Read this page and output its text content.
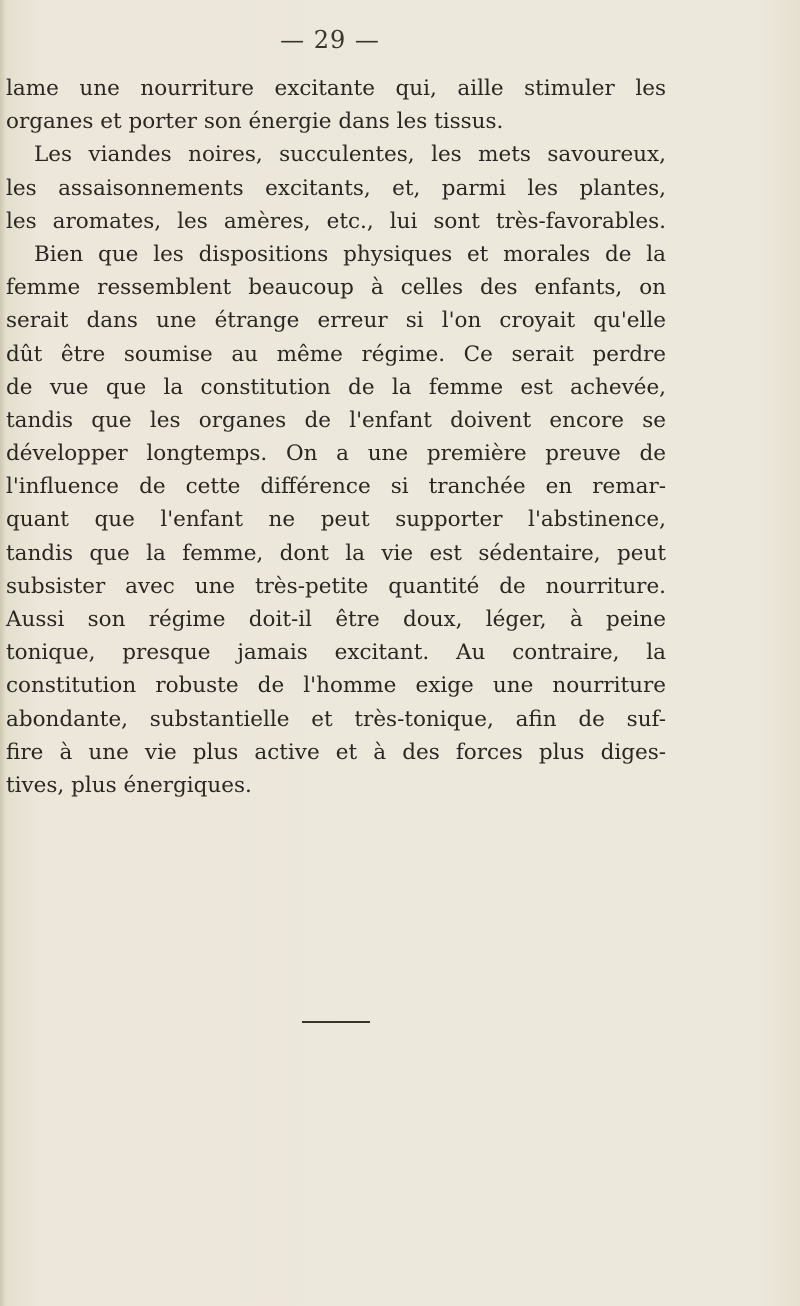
— 29 —
lame une nourriture excitante qui, aille stimuler les
organes et porter son énergie dans les tissus.
Les viandes noires, succulentes, les mets savoureux,
les assaisonnements excitants, et, parmi les plantes,
les aromates, les amères, etc., lui sont très-favorables.
Bien que les dispositions physiques et morales de la
femme ressemblent beaucoup à celles des enfants, on
serait dans une étrange erreur si l'on croyait qu'elle
dût être soumise au même régime. Ce serait perdre
de vue que la constitution de la femme est achevée,
tandis que les organes de l'enfant doivent encore se
développer longtemps. On a une première preuve de
l'influence de cette différence si tranchée en remar-
quant que l'enfant ne peut supporter l'abstinence,
tandis que la femme, dont la vie est sédentaire, peut
subsister avec une très-petite quantité de nourriture.
Aussi son régime doit-il être doux, léger, à peine
tonique, presque jamais excitant. Au contraire, la
constitution robuste de l'homme exige une nourriture
abondante, substantielle et très-tonique, afin de suf-
fire à une vie plus active et à des forces plus diges-
tives, plus énergiques.
